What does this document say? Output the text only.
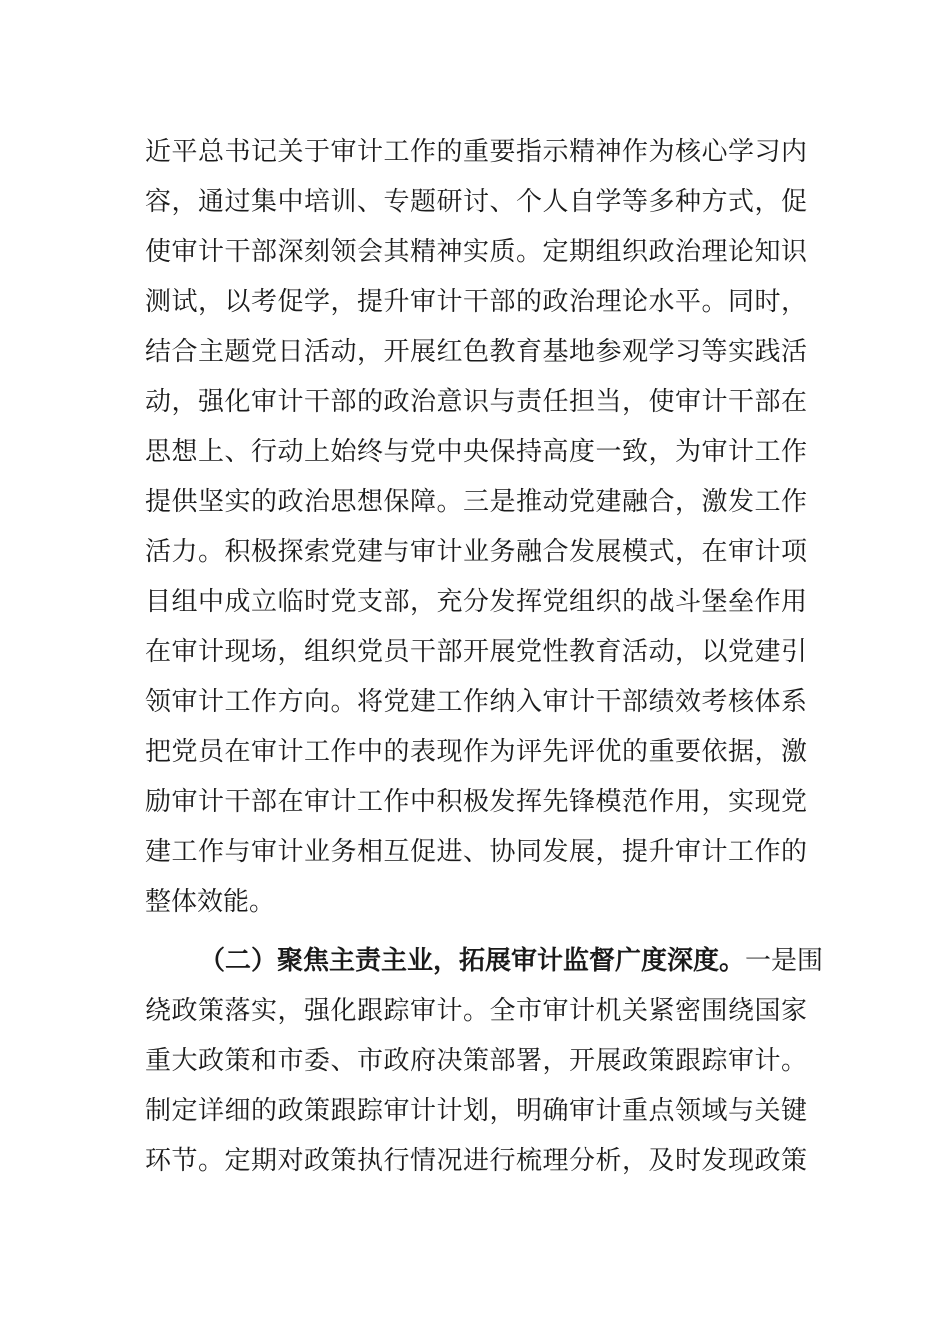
近平总书记关于审计工作的重要指示精神作为核心学习内
容，通过集中培训、专题研讨、个人自学等多种方式，促
使审计干部深刻领会其精神实质。定期组织政治理论知识
测试，以考促学，提升审计干部的政治理论水平。同时，
结合主题党日活动，开展红色教育基地参观学习等实践活
动，强化审计干部的政治意识与责任担当，使审计干部在
思想上、行动上始终与党中央保持高度一致，为审计工作
提供坚实的政治思想保障。三是推动党建融合，激发工作
活力。积极探索党建与审计业务融合发展模式，在审计项
目组中成立临时党支部，充分发挥党组织的战斗堡垒作用
在审计现场，组织党员干部开展党性教育活动，以党建引
领审计工作方向。将党建工作纳入审计干部绩效考核体系
把党员在审计工作中的表现作为评先评优的重要依据，激
励审计干部在审计工作中积极发挥先锋模范作用，实现党
建工作与审计业务相互促进、协同发展，提升审计工作的
整体效能。
（二）聚焦主责主业，拓展审计监督广度深度。一是围
绕政策落实，强化跟踪审计。全市审计机关紧密围绕国家
重大政策和市委、市政府决策部署，开展政策跟踪审计。
制定详细的政策跟踪审计计划，明确审计重点领域与关键
环节。定期对政策执行情况进行梳理分析，及时发现政策
